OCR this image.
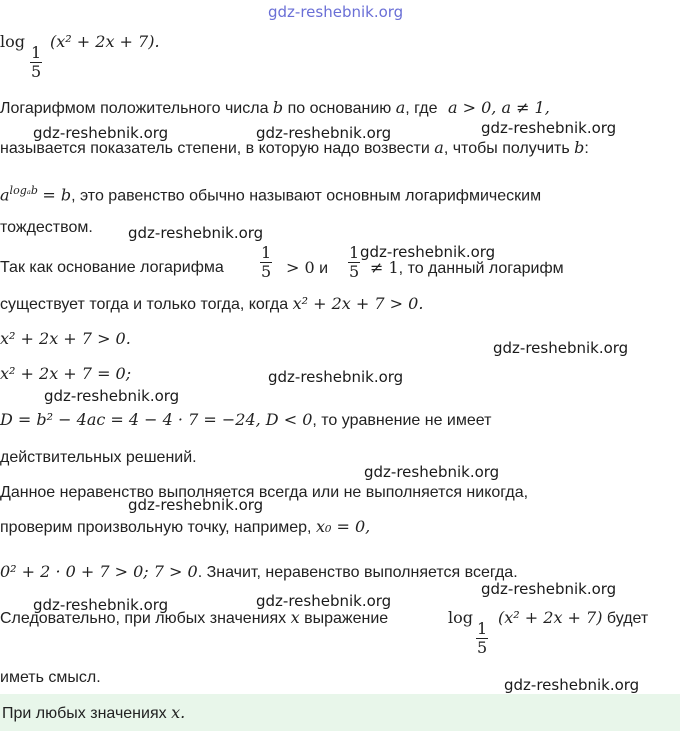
gdz-reshebnik.org
log
$\frac{1}{5}$
(x² + 2x + 7).
Логарифмом положительного числа b по основанию a, где a > 0, a ≠ 1,
gdz-reshebnik.org	gdz-reshebnik.org	gdz-reshebnik.org
называется показатель степени, в которую надо возвести a, чтобы получить b:
$a^{log_ab} = b$, это равенство обычно называют основным логарифмическим
тождеством. gdz-reshebnik.org
Так как основание логарифма $\frac{1}{5} > 0$ и $\frac{1}{5} \ne 1$, то данный логарифм
gdz-reshebnik.org
существует тогда и только тогда, когда x² + 2x + 7 > 0.
x² + 2x + 7 > 0.	gdz-reshebnik.org
x² + 2x + 7 = 0;	gdz-reshebnik.org
gdz-reshebnik.org
D = b² − 4ac = 4 − 4 · 7 = −24, D < 0, то уравнение не имеет
действительных решений.
gdz-reshebnik.org
Данное неравенство выполняется всегда или не выполняется никогда,
gdz-reshebnik.org
проверим произвольную точку, например, x₀ = 0,
0² + 2 · 0 + 7 > 0; 7 > 0. Значит, неравенство выполняется всегда.
gdz-reshebnik.org
gdz-reshebnik.org	gdz-reshebnik.org
Следовательно, при любых значениях x выражение	log
$\frac{1}{5}$
(x² + 2x + 7) будет
иметь смысл.	gdz-reshebnik.org
При любых значениях x.
